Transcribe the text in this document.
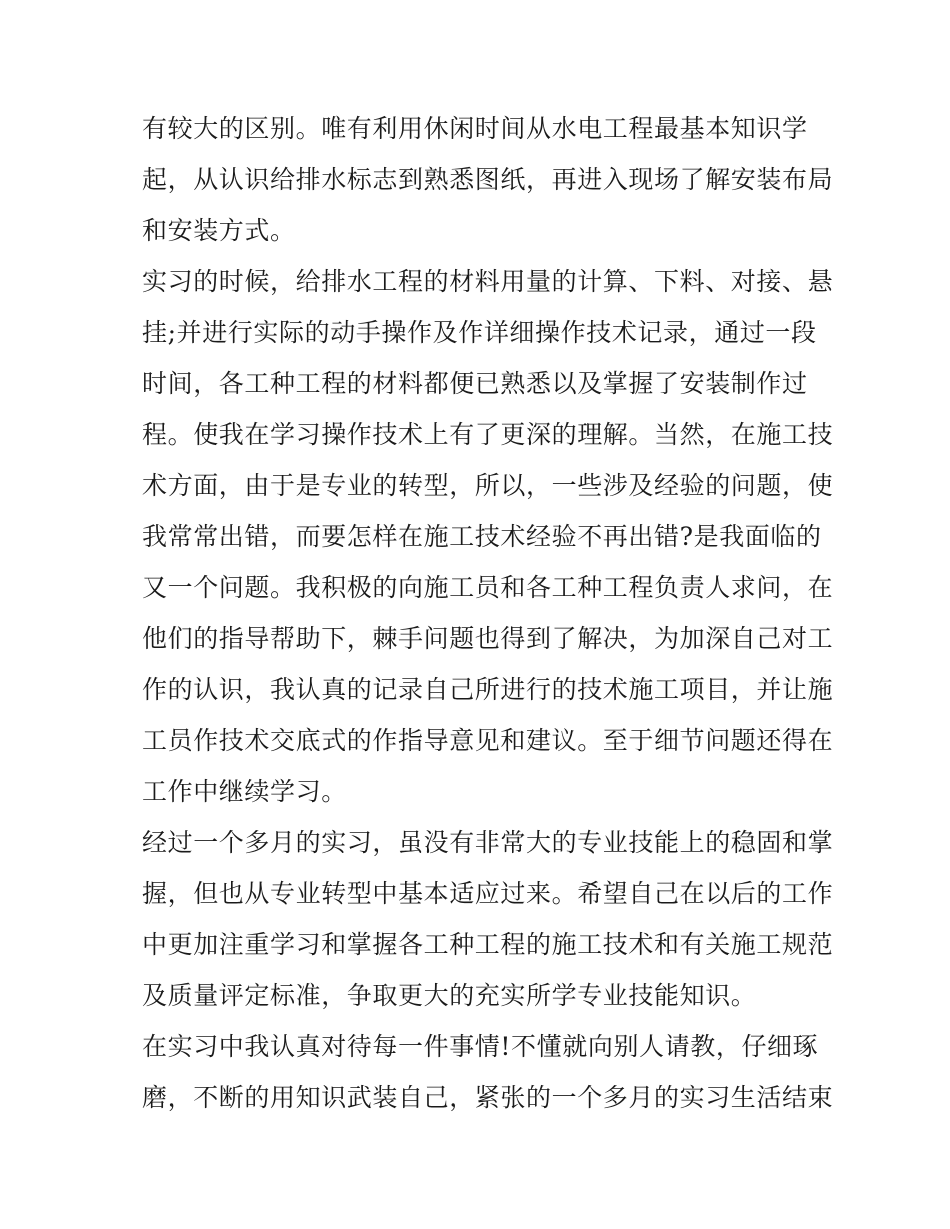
有较大的区别。唯有利用休闲时间从水电工程最基本知识学
起，从认识给排水标志到熟悉图纸，再进入现场了解安装布局
和安装方式。
实习的时候，给排水工程的材料用量的计算、下料、对接、悬
挂;并进行实际的动手操作及作详细操作技术记录，通过一段
时间，各工种工程的材料都便已熟悉以及掌握了安装制作过
程。使我在学习操作技术上有了更深的理解。当然，在施工技
术方面，由于是专业的转型，所以，一些涉及经验的问题，使
我常常出错，而要怎样在施工技术经验不再出错?是我面临的
又一个问题。我积极的向施工员和各工种工程负责人求问，在
他们的指导帮助下，棘手问题也得到了解决，为加深自己对工
作的认识，我认真的记录自己所进行的技术施工项目，并让施
工员作技术交底式的作指导意见和建议。至于细节问题还得在
工作中继续学习。
经过一个多月的实习，虽没有非常大的专业技能上的稳固和掌
握，但也从专业转型中基本适应过来。希望自己在以后的工作
中更加注重学习和掌握各工种工程的施工技术和有关施工规范
及质量评定标准，争取更大的充实所学专业技能知识。
在实习中我认真对待每一件事情!不懂就向别人请教，仔细琢
磨，不断的用知识武装自己，紧张的一个多月的实习生活结束
